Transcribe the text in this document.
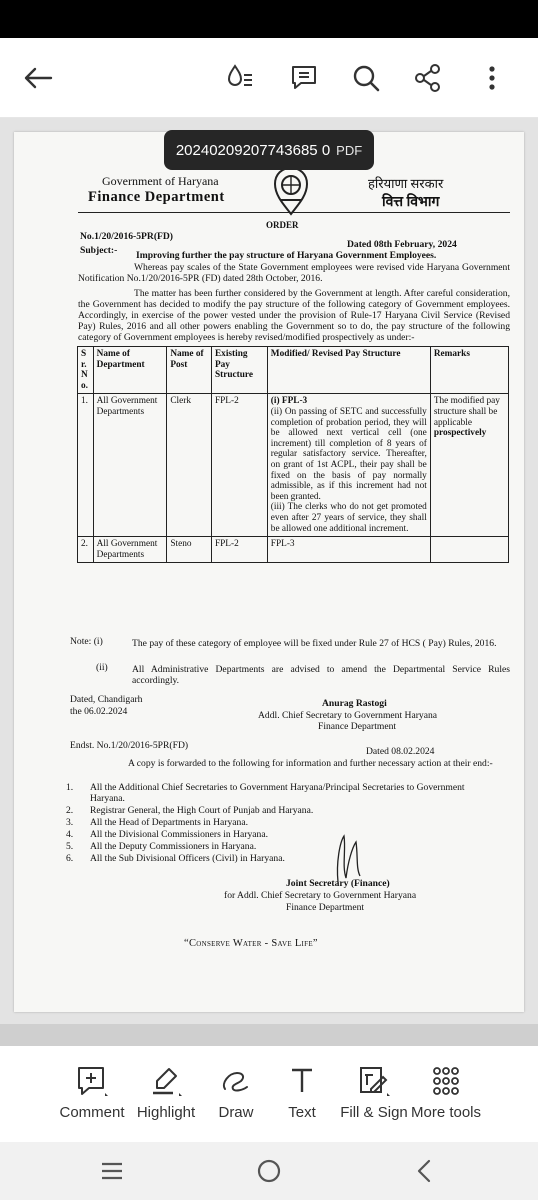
20240209207743685 0 PDF
Government of Haryana
Finance Department
हरियाणा सरकार
वित्त विभाग
ORDER
No.1/20/2016-5PR(FD)
Dated 08th February, 2024
Subject:- Improving further the pay structure of Haryana Government Employees.
Whereas pay scales of the State Government employees were revised vide Haryana Government Notification No.1/20/2016-5PR (FD) dated 28th October, 2016.
The matter has been further considered by the Government at length. After careful consideration, the Government has decided to modify the pay structure of the following category of Government employees. Accordingly, in exercise of the power vested under the provision of Rule-17 Haryana Civil Service (Revised Pay) Rules, 2016 and all other powers enabling the Government so to do, the pay structure of the following category of Government employees is hereby revised/modified prospectively as under:-
S r. N o.	Name of Department	Name of Post	Existing Pay Structure	Modified/ Revised Pay Structure	Remarks
1.	All Government Departments	Clerk	FPL-2	(i) FPL-3
(ii) On passing of SETC and successfully completion of probation period, they will be allowed next vertical cell (one increment) till completion of 8 years of regular satisfactory service. Thereafter, on grant of 1st ACPL, their pay shall be fixed on the basis of pay normally admissible, as if this increment had not been granted.
(iii) The clerks who do not get promoted even after 27 years of service, they shall be allowed one additional increment.	The modified pay structure shall be applicable prospectively
2.	All Government Departments	Steno	FPL-2	FPL-3	
Note: (i)	The pay of these category of employee will be fixed under Rule 27 of HCS ( Pay) Rules, 2016.
(ii)	All Administrative Departments are advised to amend the Departmental Service Rules accordingly.
Dated, Chandigarh
the 06.02.2024
Anurag Rastogi
Addl. Chief Secretary to Government Haryana
Finance Department
Endst. No.1/20/2016-5PR(FD)
Dated 08.02.2024
A copy is forwarded to the following for information and further necessary action at their end:-
1.	All the Additional Chief Secretaries to Government Haryana/Principal Secretaries to Government Haryana.
2.	Registrar General, the High Court of Punjab and Haryana.
3.	All the Head of Departments in Haryana.
4.	All the Divisional Commissioners in Haryana.
5.	All the Deputy Commissioners in Haryana.
6.	All the Sub Divisional Officers (Civil) in Haryana.
Joint Secretary (Finance)
for Addl. Chief Secretary to Government Haryana
Finance Department
“Conserve Water - Save Life”
Comment Highlight	Draw	Text	Fill & Sign More tools
